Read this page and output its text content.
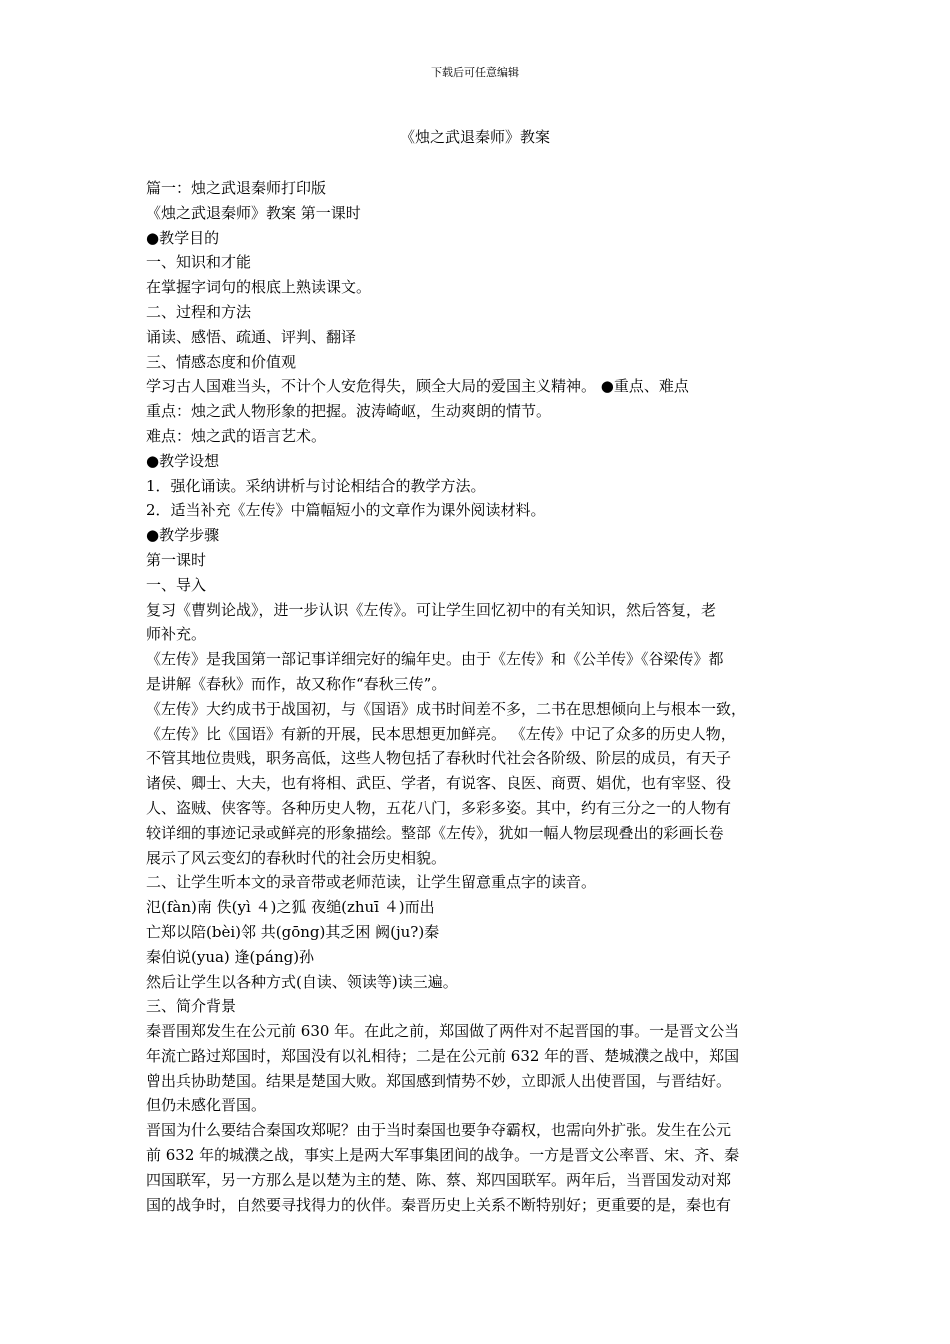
下载后可任意编辑
《烛之武退秦师》教案
篇一：烛之武退秦师打印版
《烛之武退秦师》教案 第一课时
●教学目的
一、知识和才能
在掌握字词句的根底上熟读课文。
二、过程和方法
诵读、感悟、疏通、评判、翻译
三、情感态度和价值观
学习古人国难当头，不计个人安危得失，顾全大局的爱国主义精神。 ●重点、难点
重点：烛之武人物形象的把握。波涛崎岖，生动爽朗的情节。
难点：烛之武的语言艺术。
●教学设想
1．强化诵读。采纳讲析与讨论相结合的教学方法。
2．适当补充《左传》中篇幅短小的文章作为课外阅读材料。
●教学步骤
第一课时
一、导入
复习《曹刿论战》，进一步认识《左传》。可让学生回忆初中的有关知识，然后答复，老
师补充。
《左传》是我国第一部记事详细完好的编年史。由于《左传》和《公羊传》《谷梁传》都
是讲解《春秋》而作，故又称作“春秋三传”。
《左传》大约成书于战国初，与《国语》成书时间差不多，二书在思想倾向上与根本一致，
《左传》比《国语》有新的开展，民本思想更加鲜亮。 《左传》中记了众多的历史人物，
不管其地位贵贱，职务高低，这些人物包括了春秋时代社会各阶级、阶层的成员，有天子
诸侯、卿士、大夫，也有将相、武臣、学者，有说客、良医、商贾、娼优，也有宰竖、役
人、盗贼、侠客等。各种历史人物，五花八门，多彩多姿。其中，约有三分之一的人物有
较详细的事迹记录或鲜亮的形象描绘。整部《左传》，犹如一幅人物层现叠出的彩画长卷
展示了风云变幻的春秋时代的社会历史相貌。
二、让学生听本文的录音带或老师范读，让学生留意重点字的读音。
氾(fàn)南 佚(yì ４)之狐 夜缒(zhuī ４)而出
亡郑以陪(bèi)邻 共(gōng)其乏困 阙(ju?)秦
秦伯说(yua) 逢(páng)孙
然后让学生以各种方式(自读、领读等)读三遍。
三、简介背景
秦晋围郑发生在公元前 630 年。在此之前，郑国做了两件对不起晋国的事。一是晋文公当
年流亡路过郑国时，郑国没有以礼相待；二是在公元前 632 年的晋、楚城濮之战中，郑国
曾出兵协助楚国。结果是楚国大败。郑国感到情势不妙，立即派人出使晋国，与晋结好。
但仍未感化晋国。
晋国为什么要结合秦国攻郑呢？由于当时秦国也要争夺霸权，也需向外扩张。发生在公元
前 632 年的城濮之战，事实上是两大军事集团间的战争。一方是晋文公率晋、宋、齐、秦
四国联军，另一方那么是以楚为主的楚、陈、蔡、郑四国联军。两年后，当晋国发动对郑
国的战争时，自然要寻找得力的伙伴。秦晋历史上关系不断特别好；更重要的是，秦也有
